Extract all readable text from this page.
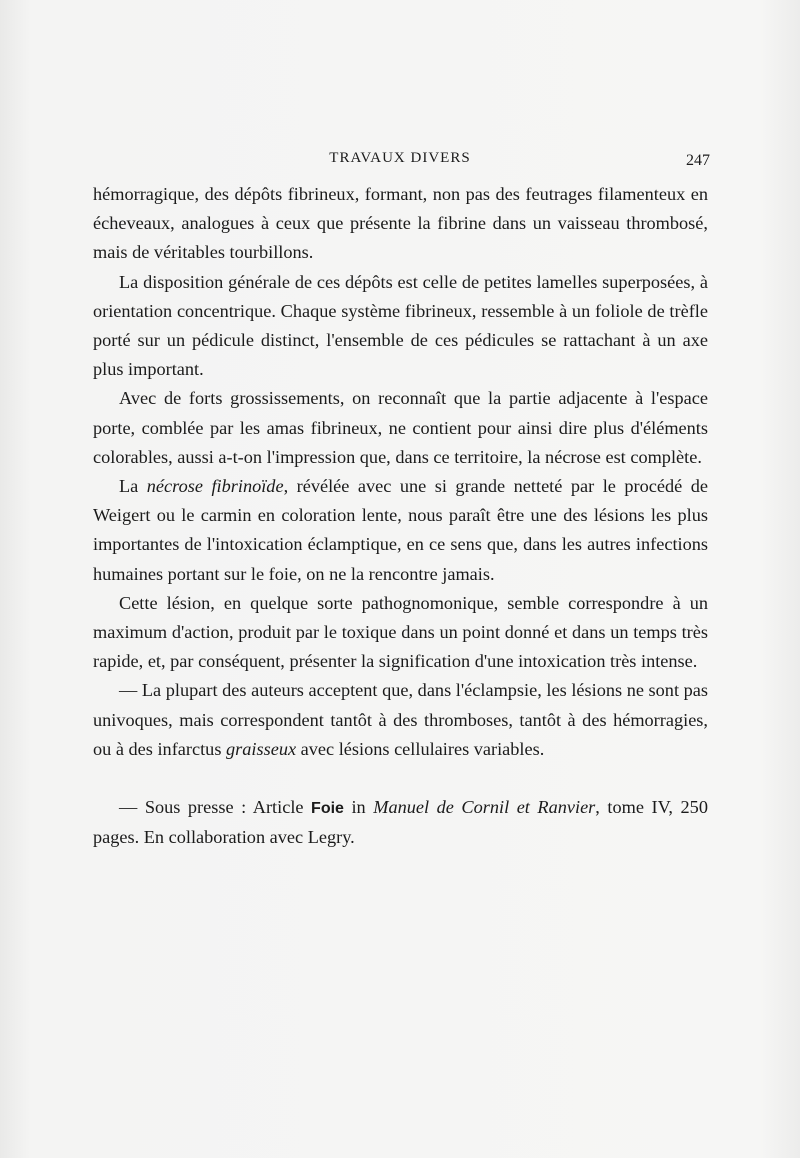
TRAVAUX DIVERS	247

hémorragique, des dépôts fibrineux, formant, non pas des feutrages filamenteux en écheveaux, analogues à ceux que présente la fibrine dans un vaisseau thrombosé, mais de véritables tourbillons.

La disposition générale de ces dépôts est celle de petites lamelles superposées, à orientation concentrique. Chaque système fibrineux, ressemble à un foliole de trèfle porté sur un pédicule distinct, l'ensemble de ces pédicules se rattachant à un axe plus important.

Avec de forts grossissements, on reconnaît que la partie adjacente à l'espace porte, comblée par les amas fibrineux, ne contient pour ainsi dire plus d'éléments colorables, aussi a-t-on l'impression que, dans ce territoire, la nécrose est complète.

La nécrose fibrinoïde, révélée avec une si grande netteté par le procédé de Weigert ou le carmin en coloration lente, nous paraît être une des lésions les plus importantes de l'intoxication éclamptique, en ce sens que, dans les autres infections humaines portant sur le foie, on ne la rencontre jamais.

Cette lésion, en quelque sorte pathognomonique, semble correspondre à un maximum d'action, produit par le toxique dans un point donné et dans un temps très rapide, et, par conséquent, présenter la signification d'une intoxication très intense.

— La plupart des auteurs acceptent que, dans l'éclampsie, les lésions ne sont pas univoques, mais correspondent tantôt à des thromboses, tantôt à des hémorragies, ou à des infarctus graisseux avec lésions cellulaires variables.

— Sous presse : Article Foie in Manuel de Cornil et Ranvier, tome IV, 250 pages. En collaboration avec Legry.
